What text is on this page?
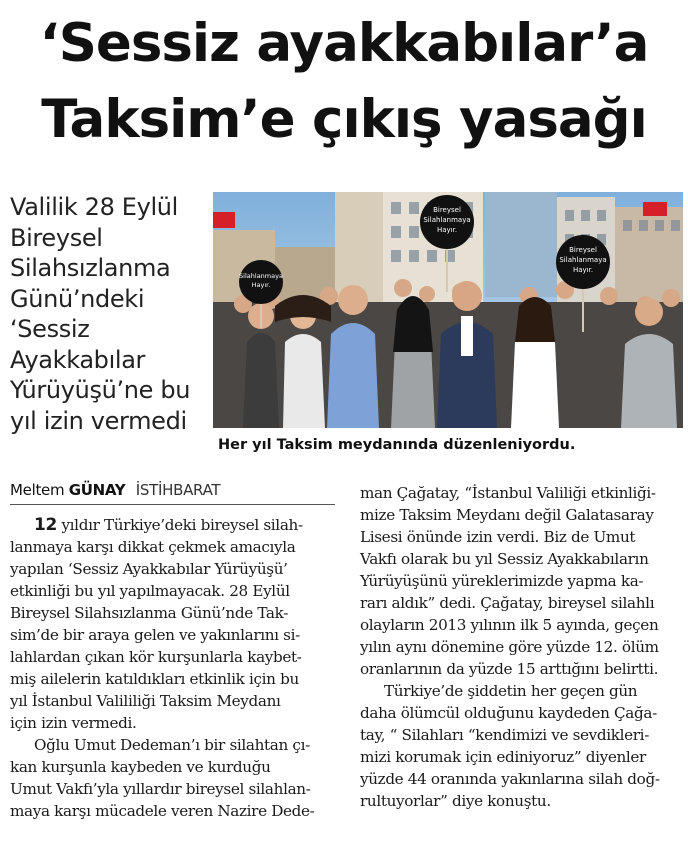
‘Sessiz ayakkabılar’a
Taksim’e çıkış yasağı
Valilik 28 Eylül
Bireysel
Silahsızlanma
Günü’ndeki
‘Sessiz
Ayakkabılar
Yürüyüşü’ne bu
yıl izin vermedi
Silahlanmaya
Hayır.
Bireysel
Silahlanmaya
Hayır.
Bireysel
Silahlanmaya
Hayır.

Her yıl Taksim meydanında düzenleniyordu.

Meltem GÜNAY İSTİHBARAT
12 yıldır Türkiye’deki bireysel silah-
lanmaya karşı dikkat çekmek amacıyla
yapılan ‘Sessiz Ayakkabılar Yürüyüşü’
etkinliği bu yıl yapılmayacak. 28 Eylül
Bireysel Silahsızlanma Günü’nde Tak-
sim’de bir araya gelen ve yakınlarını si-
lahlardan çıkan kör kurşunlarla kaybet-
miş ailelerin katıldıkları etkinlik için bu
yıl İstanbul Valililiği Taksim Meydanı
için izin vermedi.
Oğlu Umut Dedeman’ı bir silahtan çı-
kan kurşunla kaybeden ve kurduğu
Umut Vakfı’yla yıllardır bireysel silahlan-
maya karşı mücadele veren Nazire Dede-
man Çağatay, “İstanbul Valiliği etkinliği-
mize Taksim Meydanı değil Galatasaray
Lisesi önünde izin verdi. Biz de Umut
Vakfı olarak bu yıl Sessiz Ayakkabıların
Yürüyüşünü yüreklerimizde yapma ka-
rarı aldık” dedi. Çağatay, bireysel silahlı
olayların 2013 yılının ilk 5 ayında, geçen
yılın aynı dönemine göre yüzde 12. ölüm
oranlarının da yüzde 15 arttığını belirtti.
Türkiye’de şiddetin her geçen gün
daha ölümcül olduğunu kaydeden Çağa-
tay, “ Silahları “kendimizi ve sevdikleri-
mizi korumak için ediniyoruz” diyenler
yüzde 44 oranında yakınlarına silah doğ-
rultuyorlar” diye konuştu.
